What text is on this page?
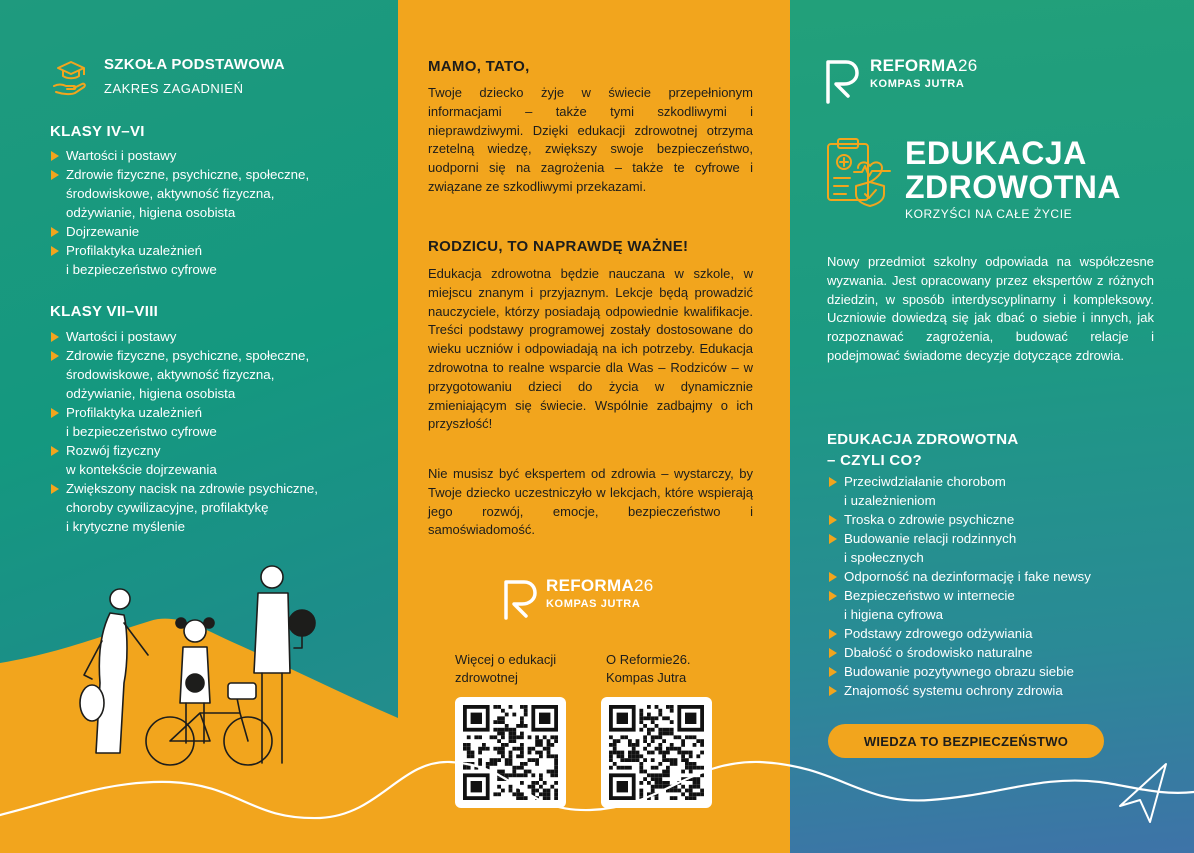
SZKOŁA PODSTAWOWA
ZAKRES ZAGADNIEŃ
KLASY IV–VI
Wartości i postawy
Zdrowie fizyczne, psychiczne, społeczne,
środowiskowe, aktywność fizyczna,
odżywianie, higiena osobista
Dojrzewanie
Profilaktyka uzależnień
i bezpieczeństwo cyfrowe
KLASY VII–VIII
Wartości i postawy
Zdrowie fizyczne, psychiczne, społeczne,
środowiskowe, aktywność fizyczna,
odżywianie, higiena osobista
Profilaktyka uzależnień
i bezpieczeństwo cyfrowe
Rozwój fizyczny
w kontekście dojrzewania
Zwiększony nacisk na zdrowie psychiczne,
choroby cywilizacyjne, profilaktykę
i krytyczne myślenie
MAMO, TATO,

Twoje dziecko żyje w świecie przepełnionym informacjami – także tymi szkodliwymi i nieprawdziwymi. Dzięki edukacji zdrowotnej otrzyma rzetelną wiedzę, zwiększy swoje bezpieczeństwo, uodporni się na zagrożenia – także te cyfrowe i związane ze szkodliwymi przekazami.

RODZICU, TO NAPRAWDĘ WAŻNE!

Edukacja zdrowotna będzie nauczana w szkole, w miejscu znanym i przyjaznym. Lekcje będą prowadzić nauczyciele, którzy posiadają odpowiednie kwalifikacje. Treści podstawy programowej zostały dostosowane do wieku uczniów i odpowiadają na ich potrzeby. Edukacja zdrowotna to realne wsparcie dla Was – Rodziców – w przygotowaniu dzieci do życia w dynamicznie zmieniającym się świecie. Wspólnie zadbajmy o ich przyszłość!

Nie musisz być ekspertem od zdrowia – wystarczy, by Twoje dziecko uczestniczyło w lekcjach, które wspierają jego rozwój, emocje, bezpieczeństwo i samoświadomość.

REFORMA26
KOMPAS JUTRA
Więcej o edukacji
zdrowotnej
O Reformie26.
Kompas Jutra
REFORMA26
KOMPAS JUTRA
EDUKACJA
ZDROWOTNA
KORZYŚCI NA CAŁE ŻYCIE

Nowy przedmiot szkolny odpowiada na współczesne wyzwania. Jest opracowany przez ekspertów z różnych dziedzin, w sposób interdyscyplinarny i kompleksowy. Uczniowie dowiedzą się jak dbać o siebie i innych, jak rozpoznawać zagrożenia, budować relacje i podejmować świadome decyzje dotyczące zdrowia.

EDUKACJA ZDROWOTNA
– CZYLI CO?
Przeciwdziałanie chorobom
i uzależnieniom
Troska o zdrowie psychiczne
Budowanie relacji rodzinnych
i społecznych
Odporność na dezinformację i fake newsy
Bezpieczeństwo w internecie
i higiena cyfrowa
Podstawy zdrowego odżywiania
Dbałość o środowisko naturalne
Budowanie pozytywnego obrazu siebie
Znajomość systemu ochrony zdrowia
WIEDZA TO BEZPIECZEŃSTWO
